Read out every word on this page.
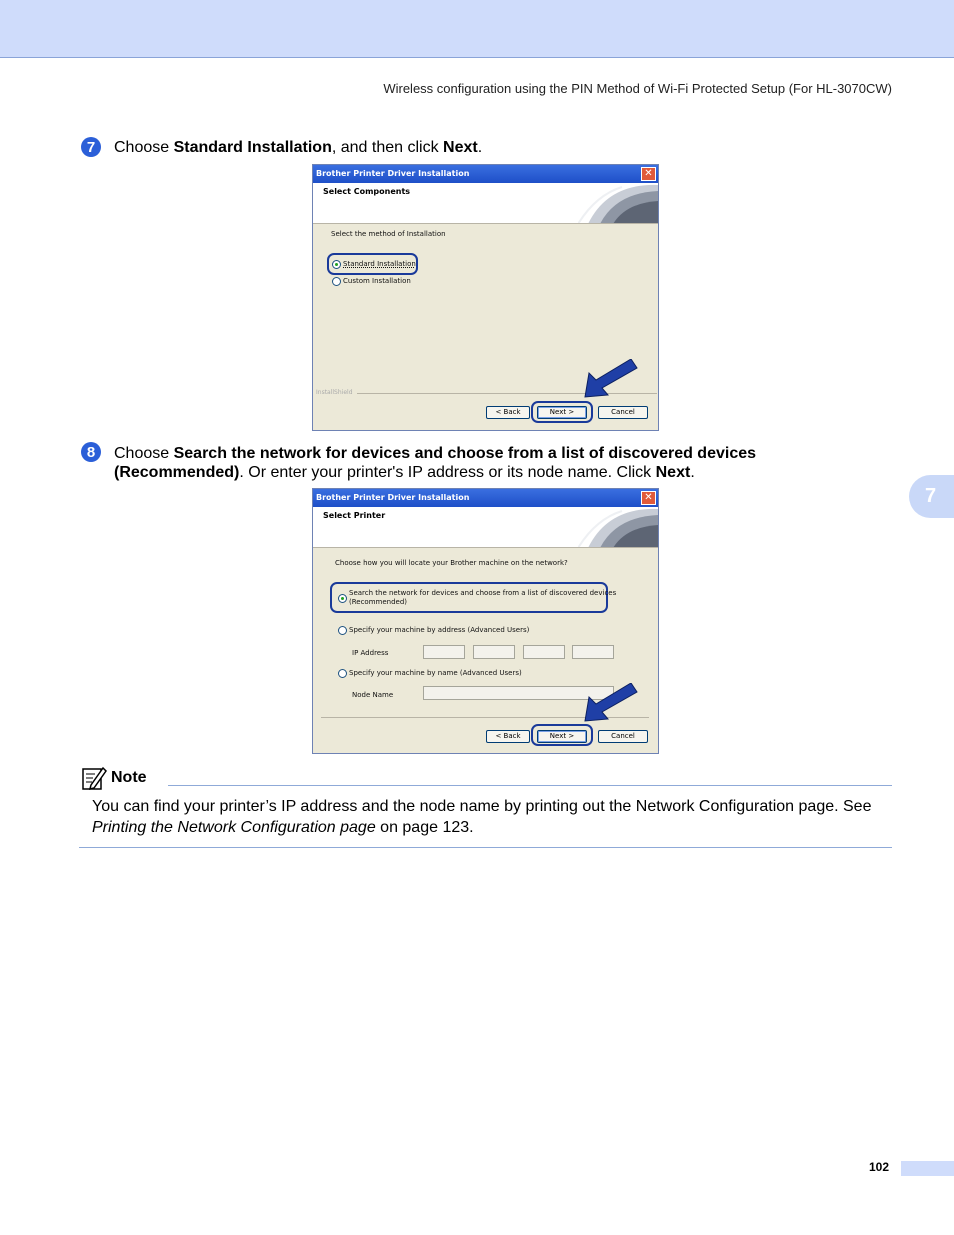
Wireless configuration using the PIN Method of Wi-Fi Protected Setup (For HL-3070CW)
7
7	Choose Standard Installation, and then click Next.
Brother Printer Driver Installation	✕
Select Components
Select the method of Installation
Standard Installation
Custom Installation
InstallShield
< Back	Next >	Cancel
8	Choose Search the network for devices and choose from a list of discovered devices (Recommended). Or enter your printer's IP address or its node name. Click Next.
Brother Printer Driver Installation	✕
Select Printer
Choose how you will locate your Brother machine on the network?
Search the network for devices and choose from a list of discovered devices
(Recommended)
Specify your machine by address (Advanced Users)
IP Address
Specify your machine by name (Advanced Users)
Node Name
< Back	Next >	Cancel
Note
You can find your printer’s IP address and the node name by printing out the Network Configuration page. See Printing the Network Configuration page on page 123.
102
